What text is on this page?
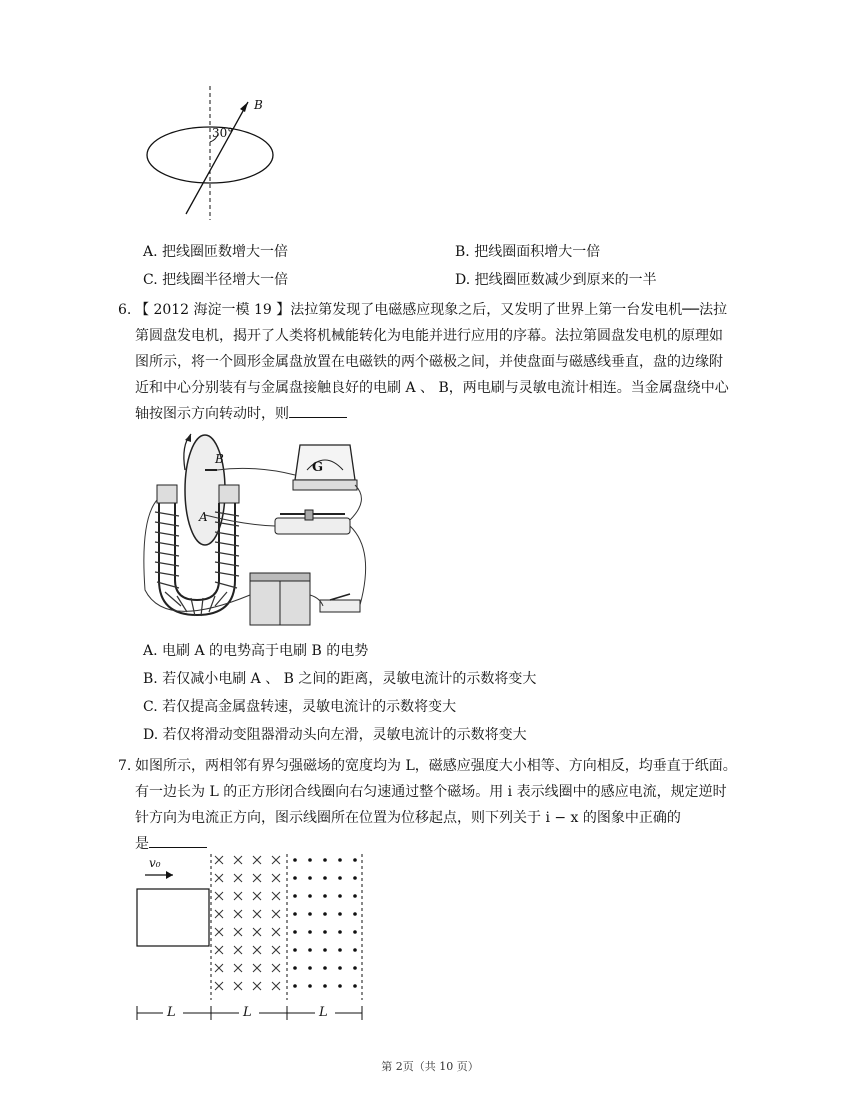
30°
B
A. 把线圈匝数增大一倍	B. 把线圈面积增大一倍
C. 把线圈半径增大一倍	D. 把线圈匝数减少到原来的一半
6. 【 2012 海淀一模 19 】法拉第发现了电磁感应现象之后，又发明了世界上第一台发电机──法拉
第圆盘发电机，揭开了人类将机械能转化为电能并进行应用的序幕。法拉第圆盘发电机的原理如
图所示，将一个圆形金属盘放置在电磁铁的两个磁极之间，并使盘面与磁感线垂直，盘的边缘附
近和中心分别装有与金属盘接触良好的电刷 A 、 B，两电刷与灵敏电流计相连。当金属盘绕中心
轴按图示方向转动时，则
B
A
G
A. 电刷 A 的电势高于电刷 B 的电势
B. 若仅减小电刷 A 、 B 之间的距离，灵敏电流计的示数将变大
C. 若仅提高金属盘转速，灵敏电流计的示数将变大
D. 若仅将滑动变阻器滑动头向左滑，灵敏电流计的示数将变大
7. 如图所示，两相邻有界匀强磁场的宽度均为 L，磁感应强度大小相等、方向相反，均垂直于纸面。
有一边长为 L 的正方形闭合线圈向右匀速通过整个磁场。用 i 表示线圈中的感应电流，规定逆时
针方向为电流正方向，图示线圈所在位置为位移起点，则下列关于 i − x 的图象中正确的
是
v₀
L	L	L
第 2页（共 10 页）
